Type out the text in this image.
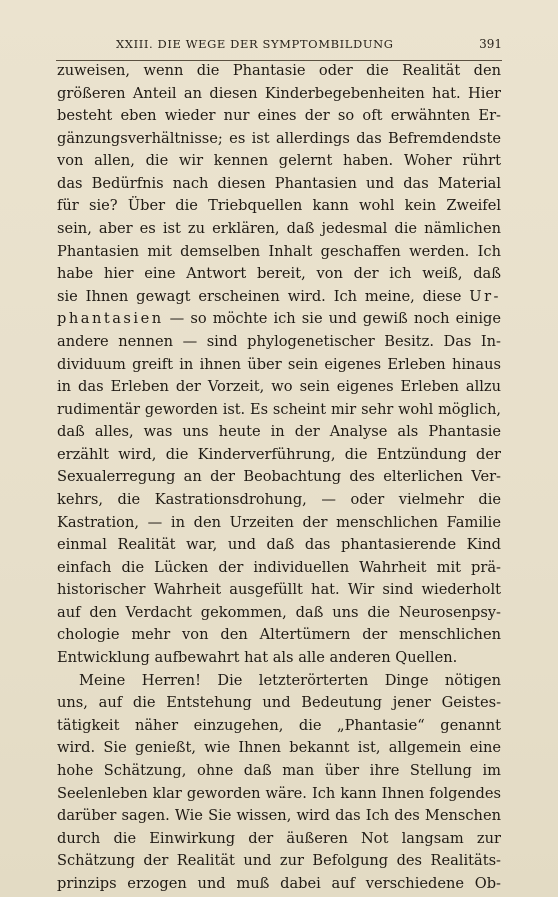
XXIII. DIE WEGE DER SYMPTOMBILDUNG	391
zuweisen, wenn die Phantasie oder die Realität den
größeren Anteil an diesen Kinderbegebenheiten hat. Hier
besteht eben wieder nur eines der so oft erwähnten Er-
gänzungsverhältnisse; es ist allerdings das Befremdendste
von allen, die wir kennen gelernt haben. Woher rührt
das Bedürfnis nach diesen Phantasien und das Material
für sie? Über die Triebquellen kann wohl kein Zweifel
sein, aber es ist zu erklären, daß jedesmal die nämlichen
Phantasien mit demselben Inhalt geschaffen werden. Ich
habe hier eine Antwort bereit, von der ich weiß, daß
sie Ihnen gewagt erscheinen wird. Ich meine, diese Ur-
phantasien — so möchte ich sie und gewiß noch einige
andere nennen — sind phylogenetischer Besitz. Das In-
dividuum greift in ihnen über sein eigenes Erleben hinaus
in das Erleben der Vorzeit, wo sein eigenes Erleben allzu
rudimentär geworden ist. Es scheint mir sehr wohl möglich,
daß alles, was uns heute in der Analyse als Phantasie
erzählt wird, die Kinderverführung, die Entzündung der
Sexualerregung an der Beobachtung des elterlichen Ver-
kehrs, die Kastrationsdrohung, — oder vielmehr die
Kastration, — in den Urzeiten der menschlichen Familie
einmal Realität war, und daß das phantasierende Kind
einfach die Lücken der individuellen Wahrheit mit prä-
historischer Wahrheit ausgefüllt hat. Wir sind wiederholt
auf den Verdacht gekommen, daß uns die Neurosenpsy-
chologie mehr von den Altertümern der menschlichen
Entwicklung aufbewahrt hat als alle anderen Quellen.
Meine Herren! Die letzterörterten Dinge nötigen
uns, auf die Entstehung und Bedeutung jener Geistes-
tätigkeit näher einzugehen, die „Phantasie“ genannt
wird. Sie genießt, wie Ihnen bekannt ist, allgemein eine
hohe Schätzung, ohne daß man über ihre Stellung im
Seelenleben klar geworden wäre. Ich kann Ihnen folgendes
darüber sagen. Wie Sie wissen, wird das Ich des Menschen
durch die Einwirkung der äußeren Not langsam zur
Schätzung der Realität und zur Befolgung des Realitäts-
prinzips erzogen und muß dabei auf verschiedene Ob-
